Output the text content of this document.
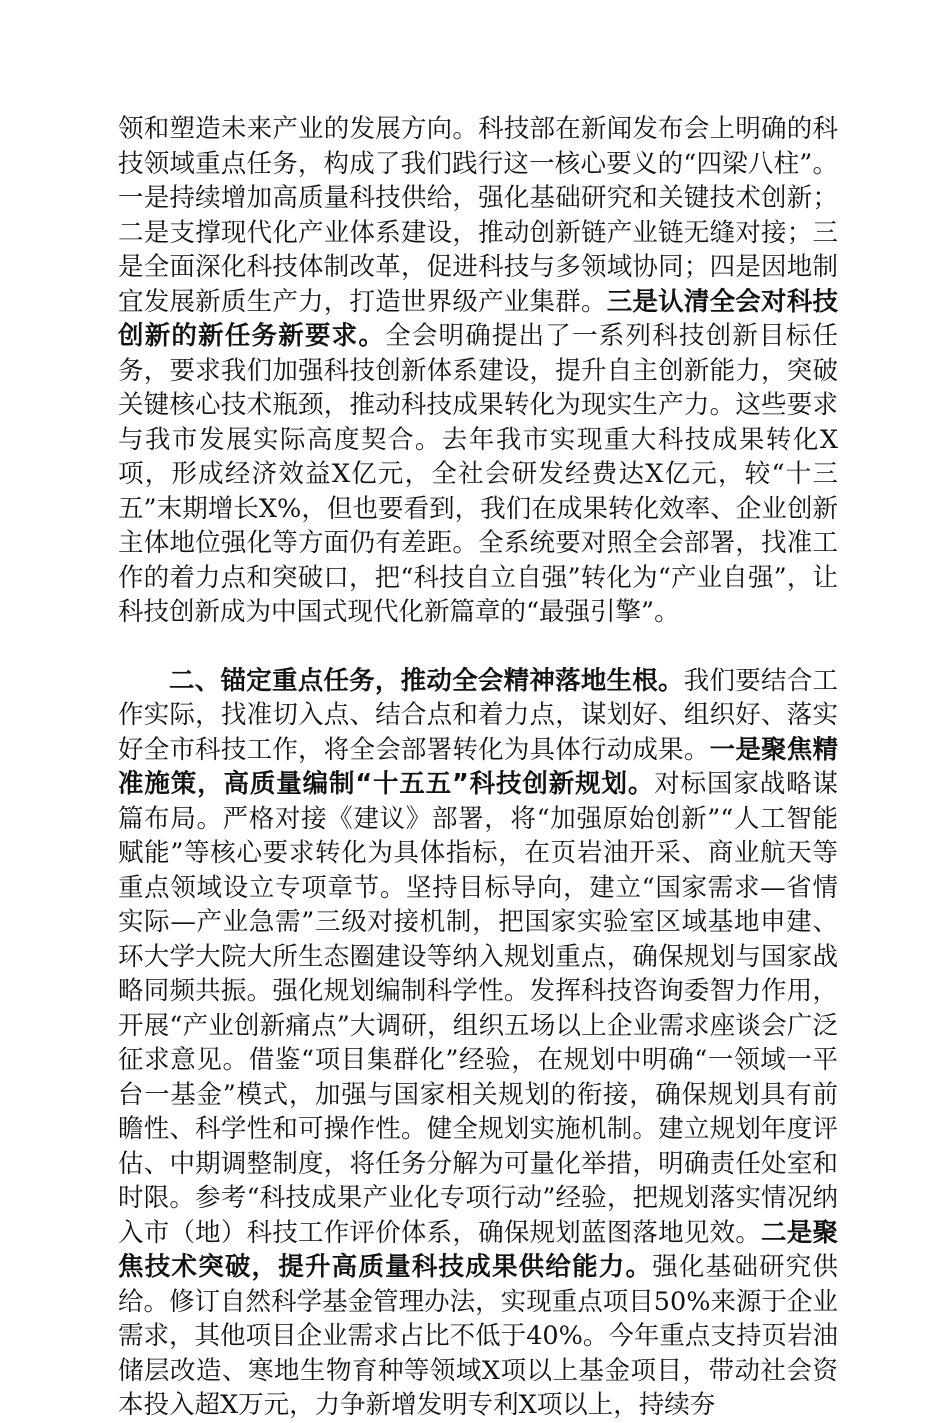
领和塑造未来产业的发展方向。科技部在新闻发布会上明确的科技领域重点任务，构成了我们践行这一核心要义的“四梁八柱”。一是持续增加高质量科技供给，强化基础研究和关键技术创新；二是支撑现代化产业体系建设，推动创新链产业链无缝对接；三是全面深化科技体制改革，促进科技与多领域协同；四是因地制宜发展新质生产力，打造世界级产业集群。三是认清全会对科技创新的新任务新要求。全会明确提出了一系列科技创新目标任务，要求我们加强科技创新体系建设，提升自主创新能力，突破关键核心技术瓶颈，推动科技成果转化为现实生产力。这些要求与我市发展实际高度契合。去年我市实现重大科技成果转化X项，形成经济效益X亿元，全社会研发经费达X亿元，较“十三五”末期增长X%，但也要看到，我们在成果转化效率、企业创新主体地位强化等方面仍有差距。全系统要对照全会部署，找准工作的着力点和突破口，把“科技自立自强”转化为“产业自强”，让科技创新成为中国式现代化新篇章的“最强引擎”。

二、锚定重点任务，推动全会精神落地生根。我们要结合工作实际，找准切入点、结合点和着力点，谋划好、组织好、落实好全市科技工作，将全会部署转化为具体行动成果。一是聚焦精准施策，高质量编制“十五五”科技创新规划。对标国家战略谋篇布局。严格对接《建议》部署，将“加强原始创新”“人工智能赋能”等核心要求转化为具体指标，在页岩油开采、商业航天等重点领域设立专项章节。坚持目标导向，建立“国家需求—省情实际—产业急需”三级对接机制，把国家实验室区域基地申建、环大学大院大所生态圈建设等纳入规划重点，确保规划与国家战略同频共振。强化规划编制科学性。发挥科技咨询委智力作用，开展“产业创新痛点”大调研，组织五场以上企业需求座谈会广泛征求意见。借鉴“项目集群化”经验，在规划中明确“一领域一平台一基金”模式，加强与国家相关规划的衔接，确保规划具有前瞻性、科学性和可操作性。健全规划实施机制。建立规划年度评估、中期调整制度，将任务分解为可量化举措，明确责任处室和时限。参考“科技成果产业化专项行动”经验，把规划落实情况纳入市（地）科技工作评价体系，确保规划蓝图落地见效。二是聚焦技术突破，提升高质量科技成果供给能力。强化基础研究供给。修订自然科学基金管理办法，实现重点项目50%来源于企业需求，其他项目企业需求占比不低于40%。今年重点支持页岩油储层改造、寒地生物育种等领域X项以上基金项目，带动社会资本投入超X万元，力争新增发明专利X项以上，持续夯
